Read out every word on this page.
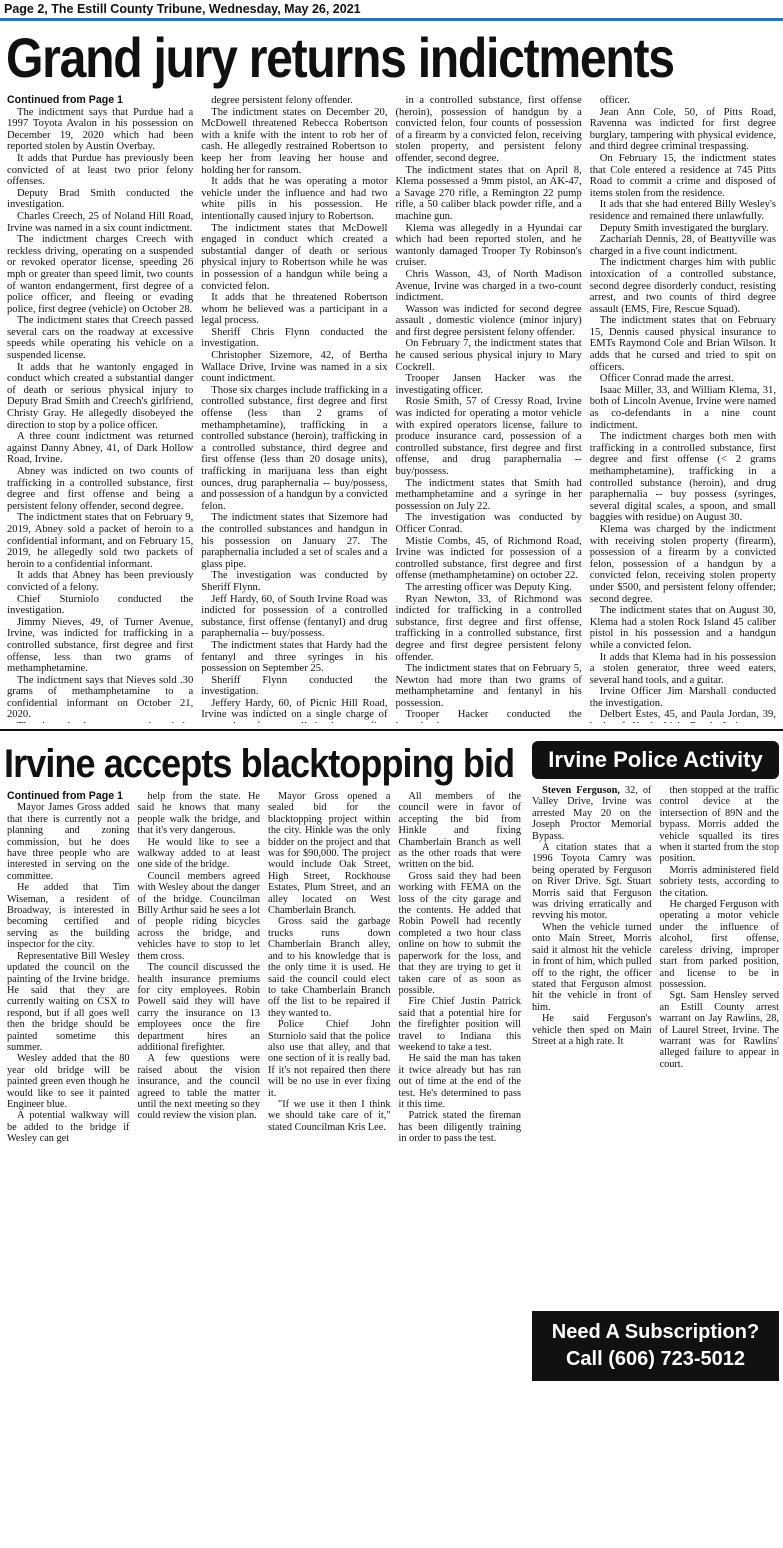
Page 2, The Estill County Tribune, Wednesday, May 26, 2021
Grand jury returns indictments

Continued from Page 1

The indictment says that Purdue had a 1997 Toyota Avalon in his possession on December 19, 2020 which had been reported stolen by Austin Overbay.

It adds that Purdue has previously been convicted of at least two prior felony offenses.

Deputy Brad Smith conducted the investigation.

Charles Creech, 25 of Noland Hill Road, Irvine was named in a six count indictment.

The indictment charges Creech with reckless driving, operating on a suspended or revoked operator license, speeding 26 mph or greater than speed limit, two counts of wanton endangerment, first degree of a police officer, and fleeing or evading police, first degree (vehicle) on October 28.

The indictment states that Creech passed several cars on the roadway at excessive speeds while operating his vehicle on a suspended license.

It adds that he wantonly engaged in conduct which created a substantial danger of death or serious physical injury to Deputy Brad Smith and Creech's girlfriend, Christy Gray. He allegedly disobeyed the direction to stop by a police officer.

A three count indictment was returned against Danny Abney, 41, of Dark Hollow Road, Irvine.

Abney was indicted on two counts of trafficking in a controlled substance, first degree and first offense and being a persistent felony offender, second degree.

The indictment states that on February 9, 2019, Abney sold a packet of heroin to a confidential informant, and on February 15, 2019, he allegedly sold two packets of heroin to a confidential informant.

It adds that Abney has been previously convicted of a felony.

Chief Sturniolo conducted the investigation.

Jimmy Nieves, 49, of Turner Avenue, Irvine, was indicted for trafficking in a controlled substance, first degree and first offense, less than two grams of methamphetamine.

The indictment says that Nieves sold .30 grams of methamphetamine to a confidential informant on October 21, 2020.

degree persistent felony offender.

The indictment states on December 20, McDowell threatened Rebecca Robertson with a knife with the intent to rob her of cash. He allegedly restrained Robertson to keep her from leaving her house and holding her for ransom.

It adds that he was operating a motor vehicle under the influence and had two white pills in his possession. He intentionally caused injury to Robertson.

The indictment states that McDowell engaged in conduct which created a substantial danger of death or serious physical injury to Robertson while he was in possession of a handgun while being a convicted felon.

It adds that he threatened Robertson whom he believed was a participant in a legal process.

Sheriff Chris Flynn conducted the investigation.

Christopher Sizemore, 42, of Bertha Wallace Drive, Irvine was named in a six count indictment.

Those six charges include trafficking in a controlled substance, first degree and first offense (less than 2 grams of methamphetamine), trafficking in a controlled substance (heroin), trafficking in a controlled substance, third degree and first offense (less than 20 dosage units), trafficking in marijuana less than eight ounces, drug paraphernalia -- buy/possess, and possession of a handgun by a convicted felon.

The indictment states that Sizemore had the controlled substances and handgun in his possession on January 27. The paraphernalia included a set of scales and a glass pipe.

The investigation was conducted by Sheriff Flynn.

Jeff Hardy, 60, of South Irvine Road was indicted for possession of a controlled substance, first offense (fentanyl) and drug paraphernalia -- buy/possess.

The indictment states that Hardy had the fentanyl and three syringes in his possession on September 25.

Sheriff Flynn conducted the investigation.

Jeffery Hardy, 60, of Picnic Hill Road, Irvine was indicted on a single charge of

in a controlled substance, first offense (heroin), possession of handgun by a convicted felon, four counts of possession of a firearm by a convicted felon, receiving stolen property, and persistent felony offender, second degree.

The indictment states that on April 8, Klema possessed a 9mm pistol, an AK-47, a Savage 270 rifle, a Remington 22 pump rifle, a 50 caliber black powder rifle, and a machine gun.

Klema was allegedly in a Hyundai car which had been reported stolen, and he wantonly damaged Trooper Ty Robinson's cruiser.

Chris Wasson, 43, of North Madison Avenue, Irvine was charged in a two-count indictment.

Wasson was indicted for second degree assault , domestic violence (minor injury) and first degree persistent felony offender.

On February 7, the indictment states that he caused serious physical injury to Mary Cockrell.

Trooper Jansen Hacker was the investigating officer.

Rosie Smith, 57 of Cressy Road, Irvine was indicted for operating a motor vehicle with expired operators license, failure to produce insurance card, possession of a controlled substance, first degree and first offense, and drug paraphernalia -- buy/possess.

The indictment states that Smith had methamphetamine and a syringe in her possession on July 22.

The investigation was conducted by Officer Conrad.

Mistie Combs, 45, of Richmond Road, Irvine was indicted for possession of a controlled substance, first degree and first offense (methamphetamine) on october 22.

The arresting officer was Deputy King.

Ryan Newton, 33, of Richmond was indicted for trafficking in a controlled substance, first degree and first offense, trafficking in a controlled substance, first degree and first degree persistent felony offender.

The indictment states that on February 5, Newton had more than two grams of methamphetamine and fentanyl in his possession.

Trooper Hacker conducted the

officer.

Jean Ann Cole, 50, of Pitts Road, Ravenna was indicted for first degree burglary, tampering with physical evidence, and third degree criminal trespassing.

On February 15, the indictment states that Cole entered a residence at 745 Pitts Road to commit a crime and disposed of items stolen from the residence.

It ads that she had entered Billy Wesley's residence and remained there unlawfully.

Deputy Smith investigated the burglary.

Zachariah Dennis, 28, of Beattyville was charged in a five count indictment.

The indictment charges him with public intoxication of a controlled substance, second degree disorderly conduct, resisting arrest, and two counts of third degree assault (EMS, Fire, Rescue Squad).

The indictment states that on February 15, Dennis caused physical insurance to EMTs Raymond Cole and Brian Wilson. It adds that he cursed and tried to spit on officers.

Officer Conrad made the arrest.

Isaac Miller, 33, and William Klema, 31, both of Lincoln Avenue, Irvine were named as co-defendants in a nine count indictment.

The indictment charges both men with trafficking in a controlled substance, first degree and first offense (< 2 grams methamphetamine), trafficking in a controlled substance (heroin), and drug paraphernalia -- buy possess (syringes, several digital scales, a spoon, and small baggies with residue) on August 30.

Klema was charged by the indictment with receiving stolen property (firearm), possession of a firearm by a convicted felon, possession of a handgun by a convicted felon, receiving stolen property under $500, and persistent felony offender; second degree.

The indictment states that on August 30, Klema had a stolen Rock Island 45 caliber pistol in his possession and a handgun while a convicted felon.

It adds that Klema had in his possession a stolen generator, three weed eaters, several hand tools, and a guitar.

Irvine Officer Jim Marshall conducted the investigation.

Delbert Estes, 45, and Paula Jordan, 39,

Irvine accepts blacktopping bid

Continued from Page 1

Mayor James Gross added that there is currently not a planning and zoning commission, but he does have three people who are interested in serving on the committee.

He added that Tim Wiseman, a resident of Broadway, is interested in becoming certified and serving as the building inspector for the city.

Representative Bill Wesley updated the council on the painting of the Irvine bridge. He said that they are currently waiting on CSX to respond, but if all goes well then the bridge should be painted sometime this summer.

Wesley added that the 80 year old bridge will be painted green even though he would like to see it painted Engineer blue.

A potential walkway will be added to the bridge if Wesley can get

help from the state. He said he knows that many people walk the bridge, and that it's very dangerous.

He would like to see a walkway added to at least one side of the bridge.

Council members agreed with Wesley about the danger of the bridge. Councilman Billy Arthur said he sees a lot of people riding bicycles across the bridge, and vehicles have to stop to let them cross.

The council discussed the health insurance premiums for city employees. Robin Powell said they will have carry the insurance on 13 employees once the fire department hires an additional firefighter.

A few questions were raised about the vision insurance, and the council agreed to table the matter until the next meeting so they could review the vision plan.

Mayor Gross opened a sealed bid for the blacktopping project within the city. Hinkle was the only bidder on the project and that was for $90,000. The project would include Oak Street, High Street, Rockhouse Estates, Plum Street, and an alley located on West Chamberlain Branch.

Gross said the garbage trucks runs down Chamberlain Branch alley, and to his knowledge that is the only time it is used. He said the council could elect to take Chamberlain Branch off the list to be repaired if they wanted to.

Police Chief John Sturniolo said that the police also use that alley, and that one section of it is really bad. If it's not repaired then there will be no use in ever fixing it.

"If we use it then I think we should take care of it," stated Councilman Kris Lee.

All members of the council were in favor of accepting the bid from Hinkle and fixing Chamberlain Branch as well as the other roads that were written on the bid.

Gross said they had been working with FEMA on the loss of the city garage and the contents. He added that Robin Powell had recently completed a two hour class online on how to submit the paperwork for the loss, and that they are trying to get it taken care of as soon as possible.

Fire Chief Justin Patrick said that a potential hire for the firefighter position will travel to Indiana this weekend to take a test.

He said the man has taken it twice already but has ran out of time at the end of the test. He's determined to pass it this time.

Patrick stated the fireman has been diligently training in order to pass the test.

Irvine Police Activity

Steven Ferguson, 32, of Valley Drive, Irvine was arrested May 20 on the Joseph Proctor Memorial Bypass.

A citation states that a 1996 Toyota Camry was being operated by Ferguson on River Drive. Sgt. Stuart Morris said that Ferguson was driving erratically and revving his motor.

When the vehicle turned onto Main Street, Morris said it almost hit the vehicle in front of him, which pulled off to the right, the officer stated that Ferguson almost hit the vehicle in front of him.

He said Ferguson's vehicle then sped on Main Street at a high rate. It

then stopped at the traffic control device at the intersection of 89N and the bypass. Morris added the vehicle squalled its tires when it started from the stop position.

Morris administered field sobriety tests, according to the citation.

He charged Ferguson with operating a motor vehicle under the influence of alcohol, first offense, careless driving, improper start from parked position, and license to be in possession.

Sgt. Sam Hensley served an Estill County arrest warrant on Jay Rawlins, 28, of Laurel Street, Irvine. The warrant was for Rawlins' alleged failure to appear in court.

Need A Subscription?
Call (606) 723-5012
